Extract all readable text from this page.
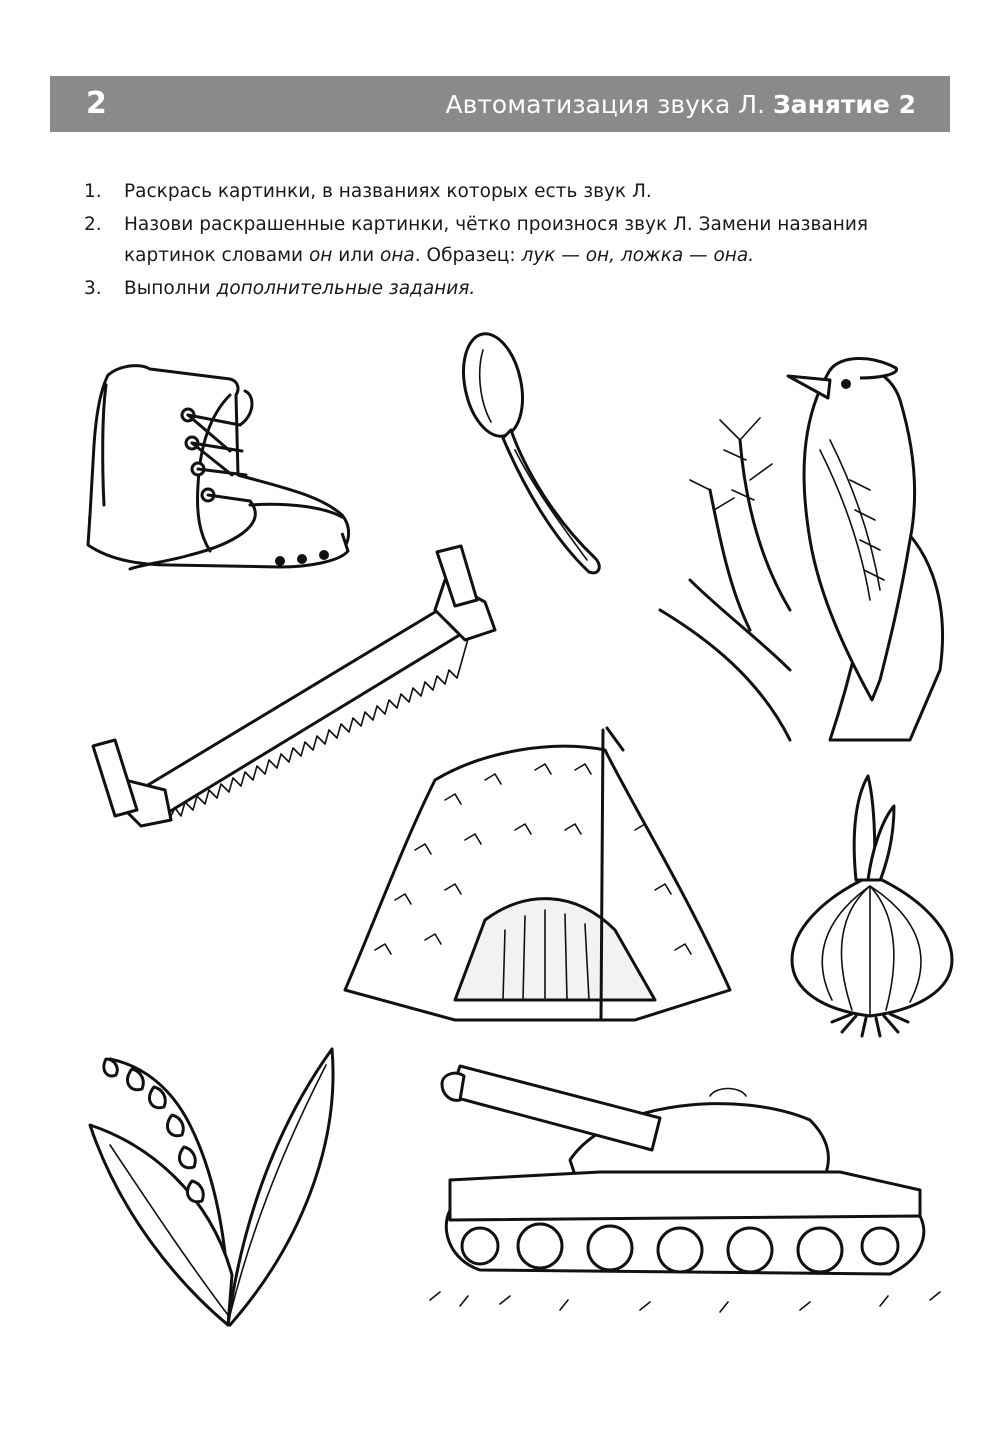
2	Автоматизация звука Л. Занятие 2
1. Раскрась картинки, в названиях которых есть звук Л.
2. Назови раскрашенные картинки, чётко произнося звук Л. Замени названия картинок словами он или она. Образец: лук — он, ложка — она.
3. Выполни дополнительные задания.
